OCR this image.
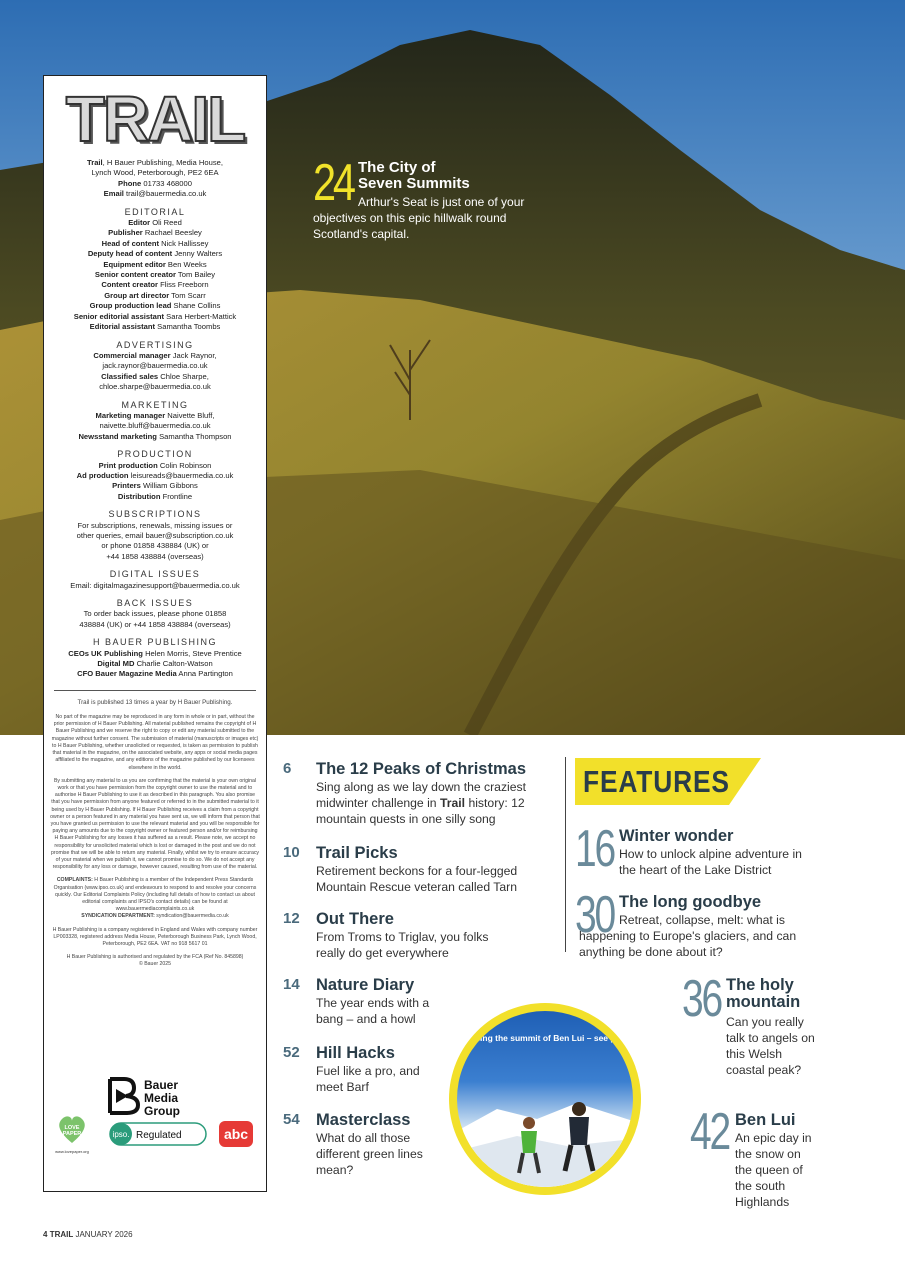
TRAIL
Trail, H Bauer Publishing, Media House,
Lynch Wood, Peterborough, PE2 6EA
Phone 01733 468000
Email trail@bauermedia.co.uk
EDITORIAL
Editor Oli Reed
Publisher Rachael Beesley
Head of content Nick Hallissey
Deputy head of content Jenny Walters
Equipment editor Ben Weeks
Senior content creator Tom Bailey
Content creator Fliss Freeborn
Group art director Tom Scarr
Group production lead Shane Collins
Senior editorial assistant Sara Herbert-Mattick
Editorial assistant Samantha Toombs
ADVERTISING
Commercial manager Jack Raynor,
jack.raynor@bauermedia.co.uk
Classified sales Chloe Sharpe,
chloe.sharpe@bauermedia.co.uk
MARKETING
Marketing manager Naivette Bluff,
naivette.bluff@bauermedia.co.uk
Newsstand marketing Samantha Thompson
PRODUCTION
Print production Colin Robinson
Ad production leisureads@bauermedia.co.uk
Printers William Gibbons
Distribution Frontline
SUBSCRIPTIONS
For subscriptions, renewals, missing issues or
other queries, email bauer@subscription.co.uk
or phone 01858 438884 (UK) or
+44 1858 438884 (overseas)
DIGITAL ISSUES
Email: digitalmagazinesupport@bauermedia.co.uk
BACK ISSUES
To order back issues, please phone 01858
438884 (UK) or +44 1858 438884 (overseas)
H BAUER PUBLISHING
CEOs UK Publishing Helen Morris, Steve Prentice
Digital MD Charlie Calton-Watson
CFO Bauer Magazine Media Anna Partington

Trail is published 13 times a year by H Bauer Publishing.

No part of the magazine may be reproduced in any form in whole or in part, without the prior permission of H Bauer Publishing. All material published remains the copyright of H Bauer Publishing and we reserve the right to copy or edit any material submitted to the magazine without further consent. The submission of material (manuscripts or images etc) to H Bauer Publishing, whether unsolicited or requested, is taken as permission to publish that material in the magazine, on the associated website, any apps or social media pages affiliated to the magazine, and any editions of the magazine published by our licensees elsewhere in the world.

By submitting any material to us you are confirming that the material is your own original work or that you have permission from the copyright owner to use the material and to authorise H Bauer Publishing to use it as described in this paragraph. You also promise that you have permission from anyone featured or referred to in the submitted material to it being used by H Bauer Publishing. If H Bauer Publishing receives a claim from a copyright owner or a person featured in any material you have sent us, we will inform that person that you have granted us permission to use the relevant material and you will be responsible for paying any amounts due to the copyright owner or featured person and/or for reimbursing H Bauer Publishing for any losses it has suffered as a result. Please note, we accept no responsibility for unsolicited material which is lost or damaged in the post and we do not promise that we will be able to return any material. Finally, whilst we try to ensure accuracy of your material when we publish it, we cannot promise to do so. We do not accept any responsibility for any loss or damage, however caused, resulting from use of the material.

COMPLAINTS: H Bauer Publishing is a member of the Independent Press Standards Organisation (www.ipso.co.uk) and endeavours to respond to and resolve your concerns quickly. Our Editorial Complaints Policy (including full details of how to contact us about editorial complaints and IPSO's contact details) can be found at www.bauermediacomplaints.co.uk
SYNDICATION DEPARTMENT: syndication@bauermedia.co.uk

H Bauer Publishing is a company registered in England and Wales with company number LP003328, registered address Media House, Peterborough Business Park, Lynch Wood, Peterborough, PE2 6EA. VAT no 918 5617 01

H Bauer Publishing is authorised and regulated by the FCA (Ref No. 845898)
© Bauer 2025

Bauer
Media
Group
LOVE
PAPER
www.lovepaper.org
ipso. Regulated	abc
24 The City of
Seven Summits
Arthur's Seat is just one of your objectives on this epic hillwalk round Scotland's capital.
6	The 12 Peaks of Christmas
Sing along as we lay down the craziest midwinter challenge in Trail history: 12 mountain quests in one silly song
10 Trail Picks
Retirement beckons for a four-legged Mountain Rescue veteran called Tarn
12 Out There
From Troms to Triglav, you folks really do get everywhere
14 Nature Diary
The year ends with a bang – and a howl
52 Hill Hacks
Fuel like a pro, and meet Barf
54 Masterclass
What do all those different green lines mean?
FEATURES
16 Winter wonder
How to unlock alpine adventure in the heart of the Lake District
30 The long goodbye
Retreat, collapse, melt: what is happening to Europe's glaciers, and can anything be done about it?
36 The holy mountain
Can you really talk to angels on this Welsh coastal peak?
42 Ben Lui
An epic day in the snow on the queen of the south Highlands
Scaling the summit of Ben Lui – see p42.
4 TRAIL JANUARY 2026
